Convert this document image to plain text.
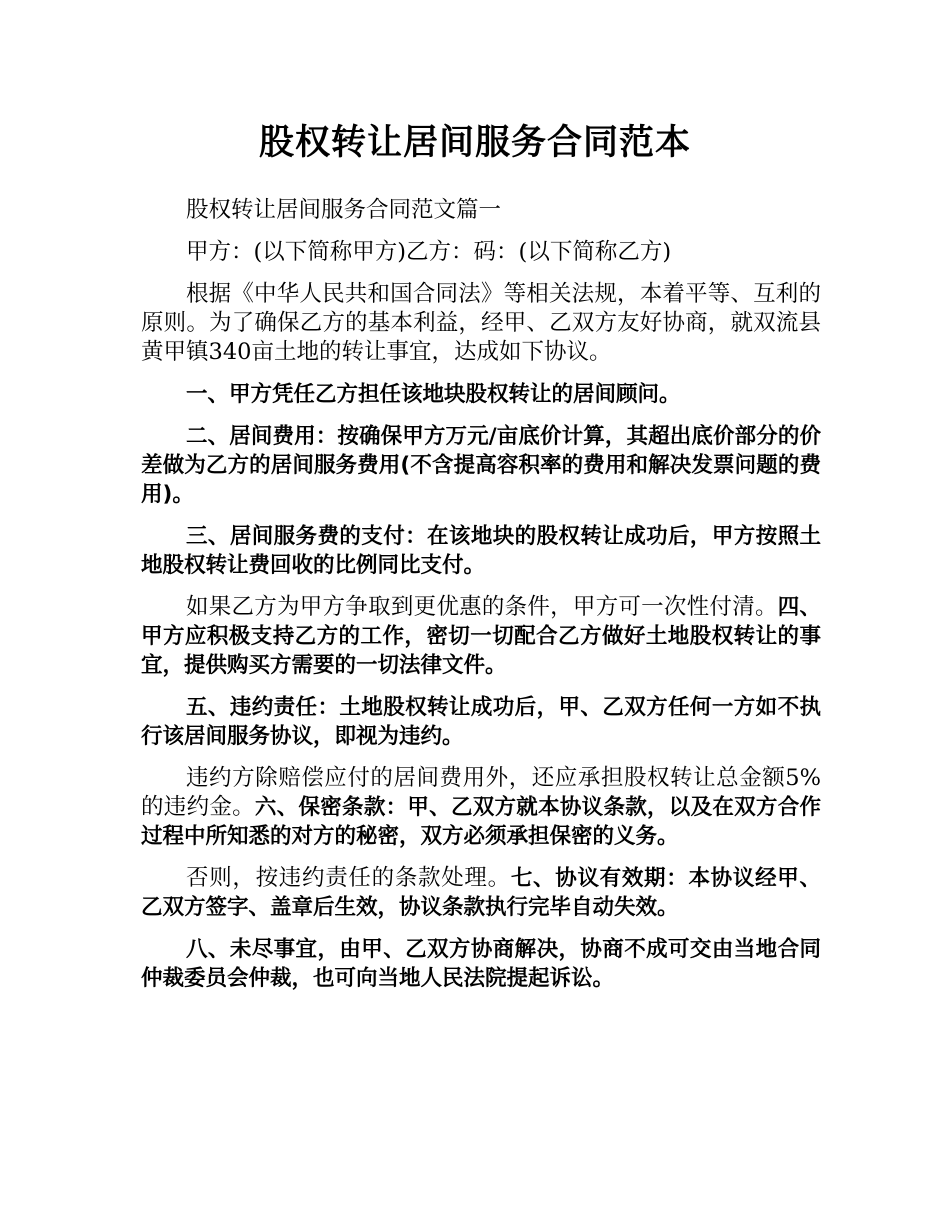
股权转让居间服务合同范本

股权转让居间服务合同范文篇一

甲方：(以下简称甲方)乙方：码：(以下简称乙方)

根据《中华人民共和国合同法》等相关法规，本着平等、互利的原则。为了确保乙方的基本利益，经甲、乙双方友好协商，就双流县黄甲镇340亩土地的转让事宜，达成如下协议。

一、甲方凭任乙方担任该地块股权转让的居间顾问。

二、居间费用：按确保甲方万元/亩底价计算，其超出底价部分的价差做为乙方的居间服务费用(不含提高容积率的费用和解决发票问题的费用)。

三、居间服务费的支付：在该地块的股权转让成功后，甲方按照土地股权转让费回收的比例同比支付。

如果乙方为甲方争取到更优惠的条件，甲方可一次性付清。四、甲方应积极支持乙方的工作，密切一切配合乙方做好土地股权转让的事宜，提供购买方需要的一切法律文件。

五、违约责任：土地股权转让成功后，甲、乙双方任何一方如不执行该居间服务协议，即视为违约。

违约方除赔偿应付的居间费用外，还应承担股权转让总金额5%的违约金。六、保密条款：甲、乙双方就本协议条款，以及在双方合作过程中所知悉的对方的秘密，双方必须承担保密的义务。

否则，按违约责任的条款处理。七、协议有效期：本协议经甲、乙双方签字、盖章后生效，协议条款执行完毕自动失效。

八、未尽事宜，由甲、乙双方协商解决，协商不成可交由当地合同仲裁委员会仲裁，也可向当地人民法院提起诉讼。
